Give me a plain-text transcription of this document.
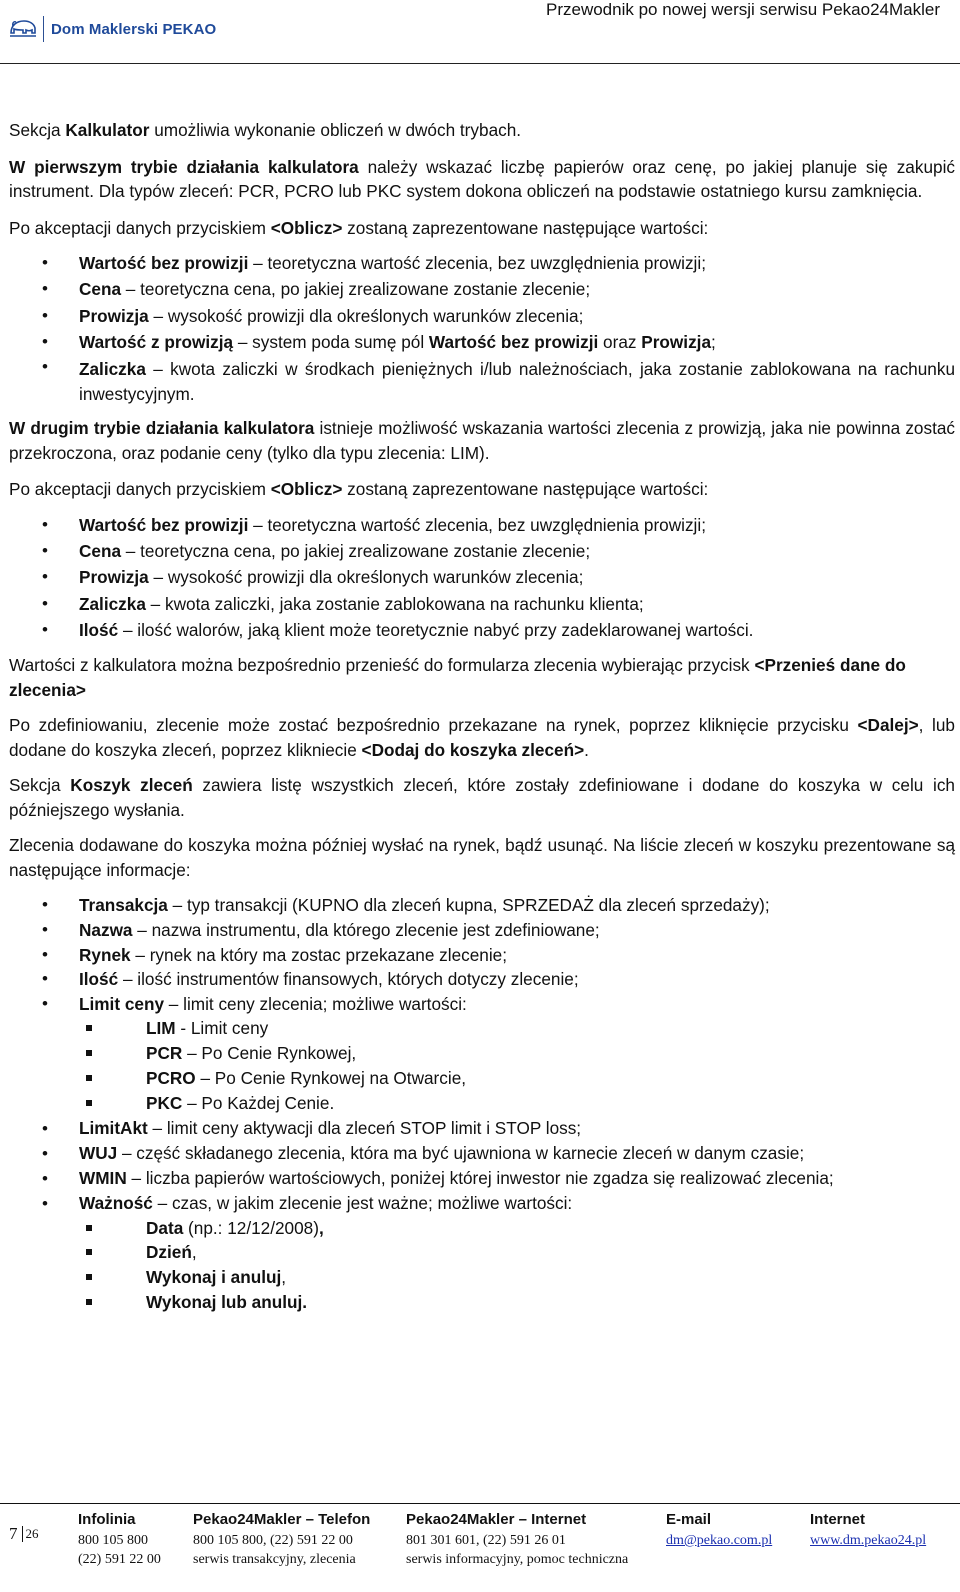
Dom Maklerski PEKAO
Przewodnik po nowej wersji serwisu Pekao24Makler

Sekcja Kalkulator umożliwia wykonanie obliczeń w dwóch trybach.

W pierwszym trybie działania kalkulatora należy wskazać liczbę papierów oraz cenę, po jakiej planuje się zakupić instrument. Dla typów zleceń: PCR, PCRO lub PKC system dokona obliczeń na podstawie ostatniego kursu zamknięcia.

Po akceptacji danych przyciskiem <Oblicz> zostaną zaprezentowane następujące wartości:

• Wartość bez prowizji – teoretyczna wartość zlecenia, bez uwzględnienia prowizji;
• Cena – teoretyczna cena, po jakiej zrealizowane zostanie zlecenie;
• Prowizja – wysokość prowizji dla określonych warunków zlecenia;
• Wartość z prowizją – system poda sumę pól Wartość bez prowizji oraz Prowizja;
• Zaliczka – kwota zaliczki w środkach pieniężnych i/lub należnościach, jaka zostanie zablokowana na rachunku inwestycyjnym.

W drugim trybie działania kalkulatora istnieje możliwość wskazania wartości zlecenia z prowizją, jaka nie powinna zostać przekroczona, oraz podanie ceny (tylko dla typu zlecenia: LIM).

Po akceptacji danych przyciskiem <Oblicz> zostaną zaprezentowane następujące wartości:

• Wartość bez prowizji – teoretyczna wartość zlecenia, bez uwzględnienia prowizji;
• Cena – teoretyczna cena, po jakiej zrealizowane zostanie zlecenie;
• Prowizja – wysokość prowizji dla określonych warunków zlecenia;
• Zaliczka – kwota zaliczki, jaka zostanie zablokowana na rachunku klienta;
• Ilość – ilość walorów, jaką klient może teoretycznie nabyć przy zadeklarowanej wartości.

Wartości z kalkulatora można bezpośrednio przenieść do formularza zlecenia wybierając przycisk <Przenieś dane do zlecenia>

Po zdefiniowaniu, zlecenie może zostać bezpośrednio przekazane na rynek, poprzez kliknięcie przycisku <Dalej>, lub dodane do koszyka zleceń, poprzez klikniecie <Dodaj do koszyka zleceń>.

Sekcja Koszyk zleceń zawiera listę wszystkich zleceń, które zostały zdefiniowane i dodane do koszyka w celu ich późniejszego wysłania.

Zlecenia dodawane do koszyka można później wysłać na rynek, bądź usunąć. Na liście zleceń w koszyku prezentowane są następujące informacje:

• Transakcja – typ transakcji (KUPNO dla zleceń kupna, SPRZEDAŻ dla zleceń sprzedaży);
• Nazwa – nazwa instrumentu, dla którego zlecenie jest zdefiniowane;
• Rynek – rynek na który ma zostac przekazane zlecenie;
• Ilość – ilość instrumentów finansowych, których dotyczy zlecenie;
• Limit ceny – limit ceny zlecenia; możliwe wartości:
LIM - Limit ceny
PCR – Po Cenie Rynkowej,
PCRO – Po Cenie Rynkowej na Otwarcie,
PKC – Po Każdej Cenie.
• LimitAkt – limit ceny aktywacji dla zleceń STOP limit i STOP loss;
• WUJ – część składanego zlecenia, która ma być ujawniona w karnecie zleceń w danym czasie;
• WMIN – liczba papierów wartościowych, poniżej której inwestor nie zgadza się realizować zlecenia;
• Ważność – czas, w jakim zlecenie jest ważne; możliwe wartości:
Data (np.: 12/12/2008),
Dzień,
Wykonaj i anuluj,
Wykonaj lub anuluj.
7 26
Infolinia
800 105 800
(22) 591 22 00
Pekao24Makler – Telefon
800 105 800, (22) 591 22 00
serwis transakcyjny, zlecenia
Pekao24Makler – Internet
801 301 601, (22) 591 26 01
serwis informacyjny, pomoc techniczna
E-mail
dm@pekao.com.pl
Internet
www.dm.pekao24.pl
